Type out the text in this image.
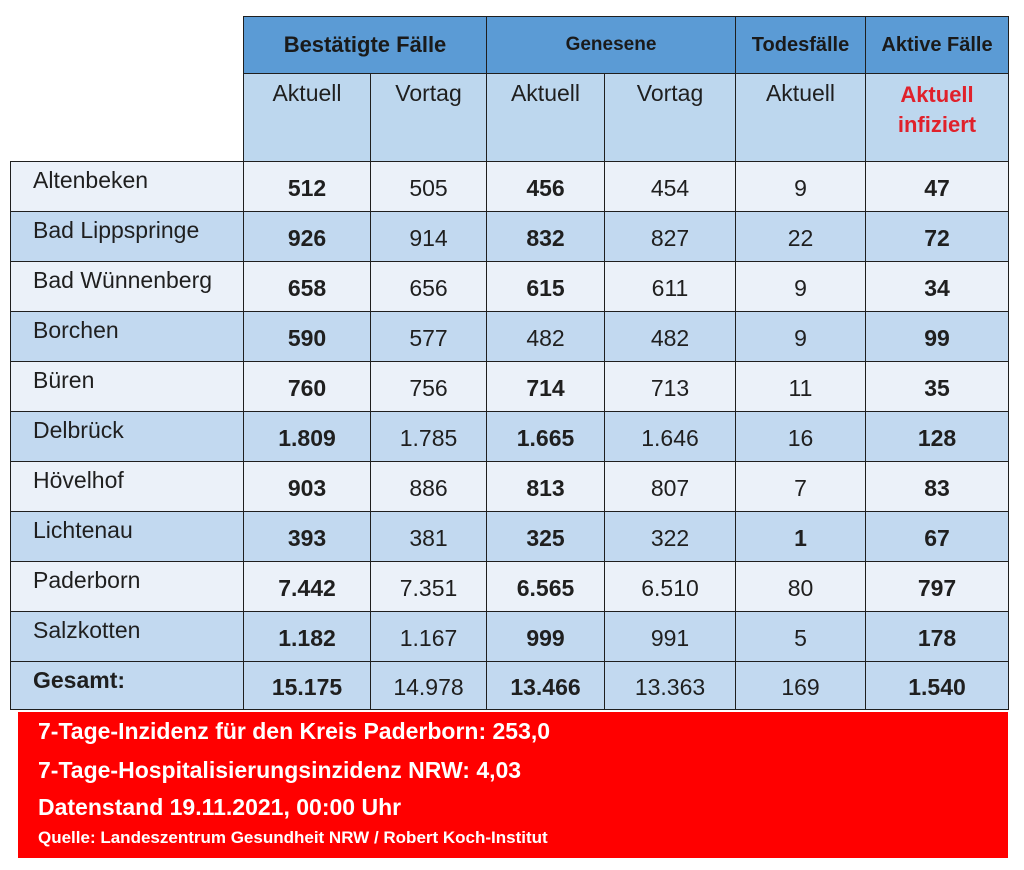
	Bestätigte Fälle		Genesene		Todesfälle	Aktive Fälle
	Aktuell	Vortag	Aktuell	Vortag	Aktuell	Aktuell
infiziert

Altenbeken	512	505	456	454	9	47
Bad Lippspringe	926	914	832	827	22	72
Bad Wünnenberg	658	656	615	611	9	34
Borchen	590	577	482	482	9	99
Büren	760	756	714	713	11	35
Delbrück	1.809	1.785	1.665	1.646	16	128
Hövelhof	903	886	813	807	7	83
Lichtenau	393	381	325	322	1	67
Paderborn	7.442	7.351	6.565	6.510	80	797
Salzkotten	1.182	1.167	999	991	5	178
Gesamt:	15.175	14.978	13.466	13.363	169	1.540
7-Tage-Inzidenz für den Kreis Paderborn: 253,0
7-Tage-Hospitalisierungsinzidenz NRW: 4,03
Datenstand 19.11.2021, 00:00 Uhr
Quelle: Landeszentrum Gesundheit NRW / Robert Koch-Institut
